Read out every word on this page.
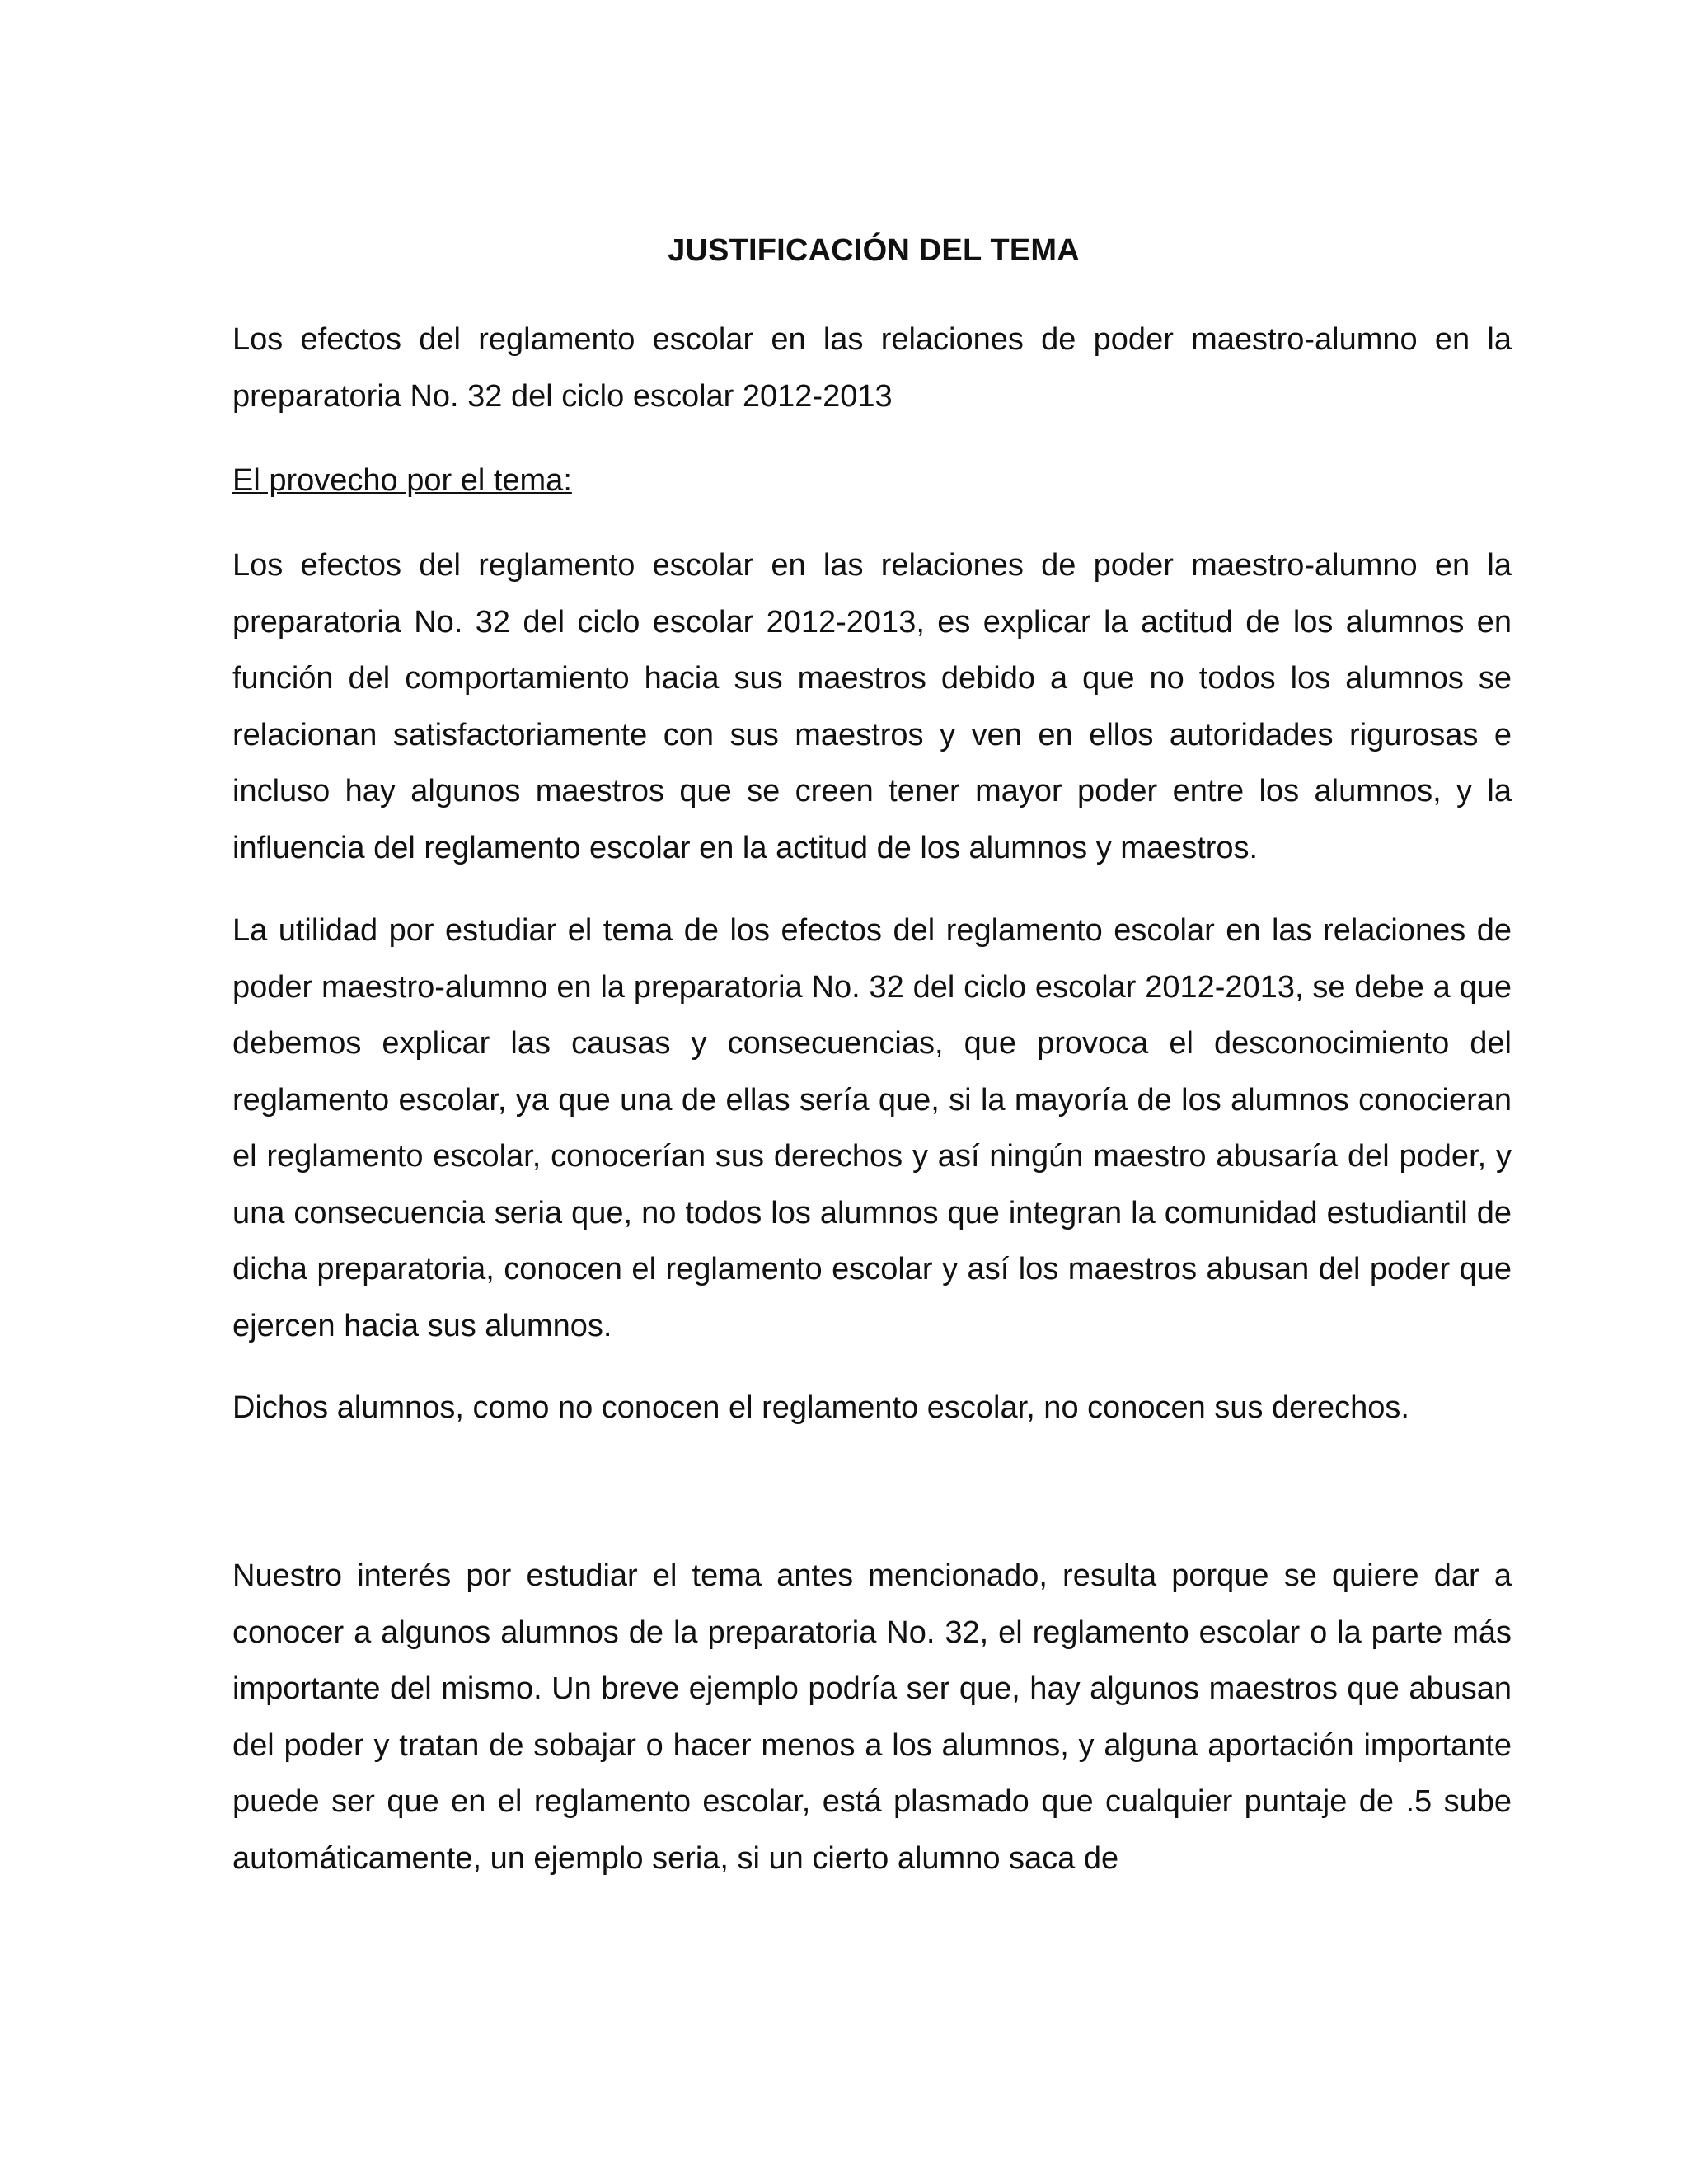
JUSTIFICACIÓN DEL TEMA

Los efectos del reglamento escolar en las relaciones de poder maestro-alumno en la preparatoria No. 32 del ciclo escolar 2012-2013

El provecho por el tema:

Los efectos del reglamento escolar en las relaciones de poder maestro-alumno en la preparatoria No. 32 del ciclo escolar 2012-2013, es explicar la actitud de los alumnos en función del comportamiento hacia sus maestros debido a que no todos los alumnos se relacionan satisfactoriamente con sus maestros y ven en ellos autoridades rigurosas e incluso hay algunos maestros que se creen tener mayor poder entre los alumnos, y la influencia del reglamento escolar en la actitud de los alumnos y maestros.

La utilidad por estudiar el tema de los efectos del reglamento escolar en las relaciones de poder maestro-alumno en la preparatoria No. 32 del ciclo escolar 2012-2013, se debe a que debemos explicar las causas y consecuencias, que provoca el desconocimiento del reglamento escolar, ya que una de ellas sería que, si la mayoría de los alumnos conocieran el reglamento escolar, conocerían sus derechos y así ningún maestro abusaría del poder, y una consecuencia seria que, no todos los alumnos que integran la comunidad estudiantil de dicha preparatoria, conocen el reglamento escolar y así los maestros abusan del poder que ejercen hacia sus alumnos.

Dichos alumnos, como no conocen el reglamento escolar, no conocen sus derechos.

Nuestro interés por estudiar el tema antes mencionado, resulta porque se quiere dar a conocer a algunos alumnos de la preparatoria No. 32, el reglamento escolar o la parte más importante del mismo. Un breve ejemplo podría ser que, hay algunos maestros que abusan del poder y tratan de sobajar o hacer menos a los alumnos, y alguna aportación importante puede ser que en el reglamento escolar, está plasmado que cualquier puntaje de .5 sube automáticamente, un ejemplo seria, si un cierto alumno saca de
